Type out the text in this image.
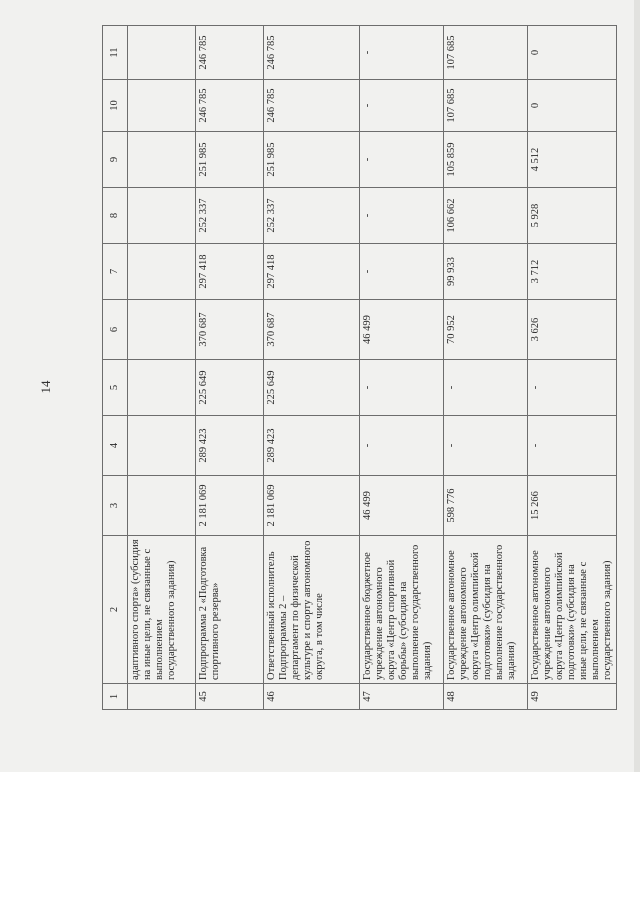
14
1	2	3	4	5	6	7	8	9	10	11
	адаптивного спорта» (субсидия на иные цели, не связанные с выполнением государственного задания)									
45	Подпрограмма 2 «Подготовка спортивного резерва»	2 181 069	289 423	225 649	370 687	297 418	252 337	251 985	246 785	246 785
46	Ответственный исполнитель Подпрограммы 2 – департамент по физической культуре и спорту автономного округа, в том числе	2 181 069	289 423	225 649	370 687	297 418	252 337	251 985	246 785	246 785
47	Государственное бюджетное учреждение автономного округа «Центр спортивной борьбы» (субсидия на выполнение государственного задания)	46 499	-	-	46 499	-	-	-	-	-
48	Государственное автономное учреждение автономного округа «Центр олимпийской подготовки» (субсидия на выполнение государственного задания)	598 776	-	-	70 952	99 933	106 662	105 859	107 685	107 685
49	Государственное автономное учреждение автономного округа «Центр олимпийской подготовки» (субсидия на иные цели, не связанные с выполнением государственного задания)	15 266	-	-	3 626	3 712	5 928	4 512	0	0
